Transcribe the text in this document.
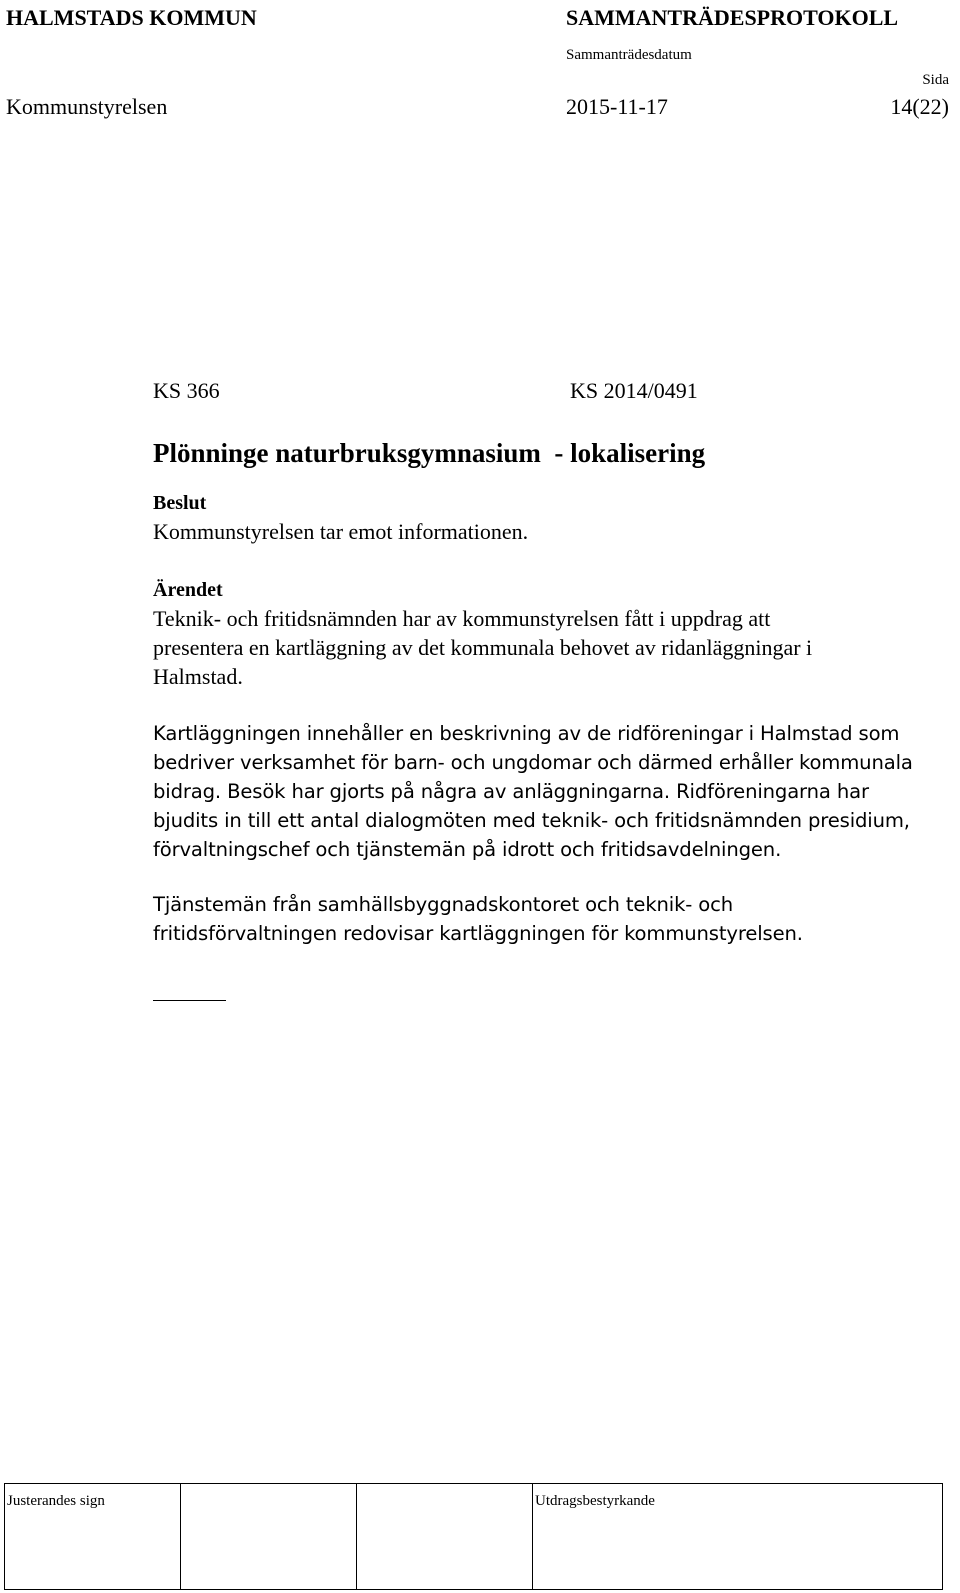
HALMSTADS KOMMUN	SAMMANTRÄDESPROTOKOLL
Sammanträdesdatum
Sida
Kommunstyrelsen	2015-11-17	14(22)
KS 366	KS 2014/0491
Plönninge naturbruksgymnasium  - lokalisering
Beslut
Kommunstyrelsen tar emot informationen.
Ärendet
Teknik- och fritidsnämnden har av kommunstyrelsen fått i uppdrag att
presentera en kartläggning av det kommunala behovet av ridanläggningar i
Halmstad.
Kartläggningen innehåller en beskrivning av de ridföreningar i Halmstad som
bedriver verksamhet för barn- och ungdomar och därmed erhåller kommunala
bidrag. Besök har gjorts på några av anläggningarna. Ridföreningarna har
bjudits in till ett antal dialogmöten med teknik- och fritidsnämnden presidium,
förvaltningschef och tjänstemän på idrott och fritidsavdelningen.
Tjänstemän från samhällsbyggnadskontoret och teknik- och
fritidsförvaltningen redovisar kartläggningen för kommunstyrelsen.
Justerandes sign	Utdragsbestyrkande
